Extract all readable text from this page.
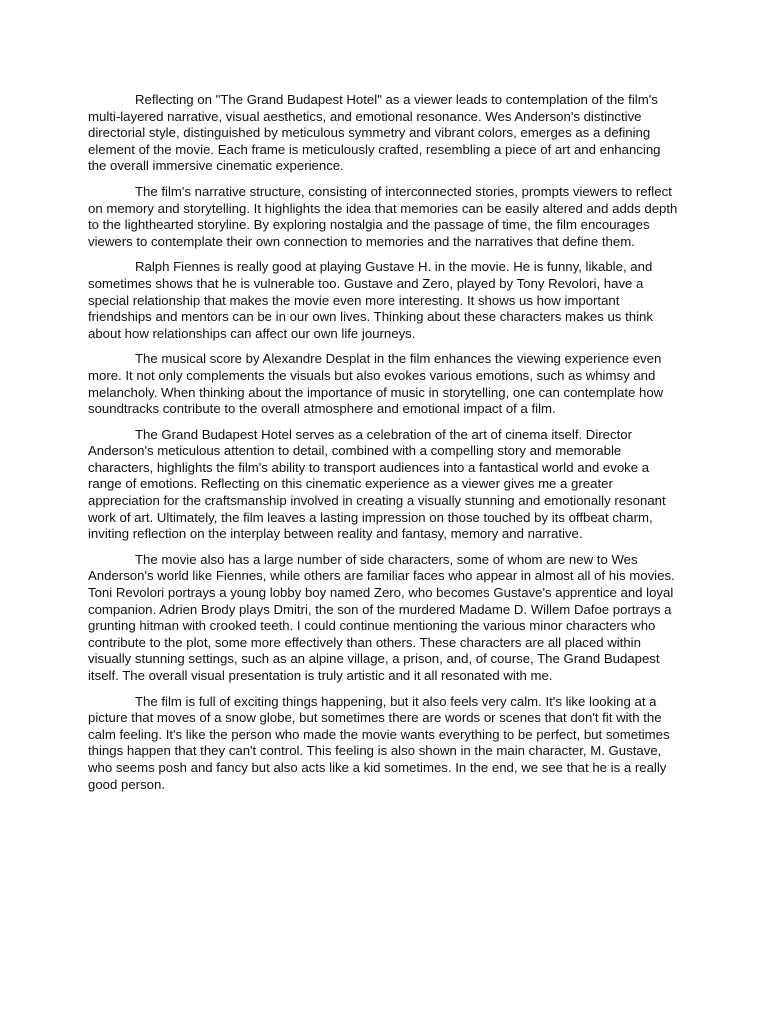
Reflecting on "The Grand Budapest Hotel" as a viewer leads to contemplation of the film's multi-layered narrative, visual aesthetics, and emotional resonance. Wes Anderson's distinctive directorial style, distinguished by meticulous symmetry and vibrant colors, emerges as a defining element of the movie. Each frame is meticulously crafted, resembling a piece of art and enhancing the overall immersive cinematic experience.

The film's narrative structure, consisting of interconnected stories, prompts viewers to reflect on memory and storytelling. It highlights the idea that memories can be easily altered and adds depth to the lighthearted storyline. By exploring nostalgia and the passage of time, the film encourages viewers to contemplate their own connection to memories and the narratives that define them.

Ralph Fiennes is really good at playing Gustave H. in the movie. He is funny, likable, and sometimes shows that he is vulnerable too. Gustave and Zero, played by Tony Revolori, have a special relationship that makes the movie even more interesting. It shows us how important friendships and mentors can be in our own lives. Thinking about these characters makes us think about how relationships can affect our own life journeys.

The musical score by Alexandre Desplat in the film enhances the viewing experience even more. It not only complements the visuals but also evokes various emotions, such as whimsy and melancholy. When thinking about the importance of music in storytelling, one can contemplate how soundtracks contribute to the overall atmosphere and emotional impact of a film.

The Grand Budapest Hotel serves as a celebration of the art of cinema itself. Director Anderson's meticulous attention to detail, combined with a compelling story and memorable characters, highlights the film's ability to transport audiences into a fantastical world and evoke a range of emotions. Reflecting on this cinematic experience as a viewer gives me a greater appreciation for the craftsmanship involved in creating a visually stunning and emotionally resonant work of art. Ultimately, the film leaves a lasting impression on those touched by its offbeat charm, inviting reflection on the interplay between reality and fantasy, memory and narrative.

The movie also has a large number of side characters, some of whom are new to Wes Anderson's world like Fiennes, while others are familiar faces who appear in almost all of his movies. Toni Revolori portrays a young lobby boy named Zero, who becomes Gustave's apprentice and loyal companion. Adrien Brody plays Dmitri, the son of the murdered Madame D. Willem Dafoe portrays a grunting hitman with crooked teeth. I could continue mentioning the various minor characters who contribute to the plot, some more effectively than others. These characters are all placed within visually stunning settings, such as an alpine village, a prison, and, of course, The Grand Budapest itself. The overall visual presentation is truly artistic and it all resonated with me.

The film is full of exciting things happening, but it also feels very calm. It's like looking at a picture that moves of a snow globe, but sometimes there are words or scenes that don't fit with the calm feeling. It's like the person who made the movie wants everything to be perfect, but sometimes things happen that they can't control. This feeling is also shown in the main character, M. Gustave, who seems posh and fancy but also acts like a kid sometimes. In the end, we see that he is a really good person.
